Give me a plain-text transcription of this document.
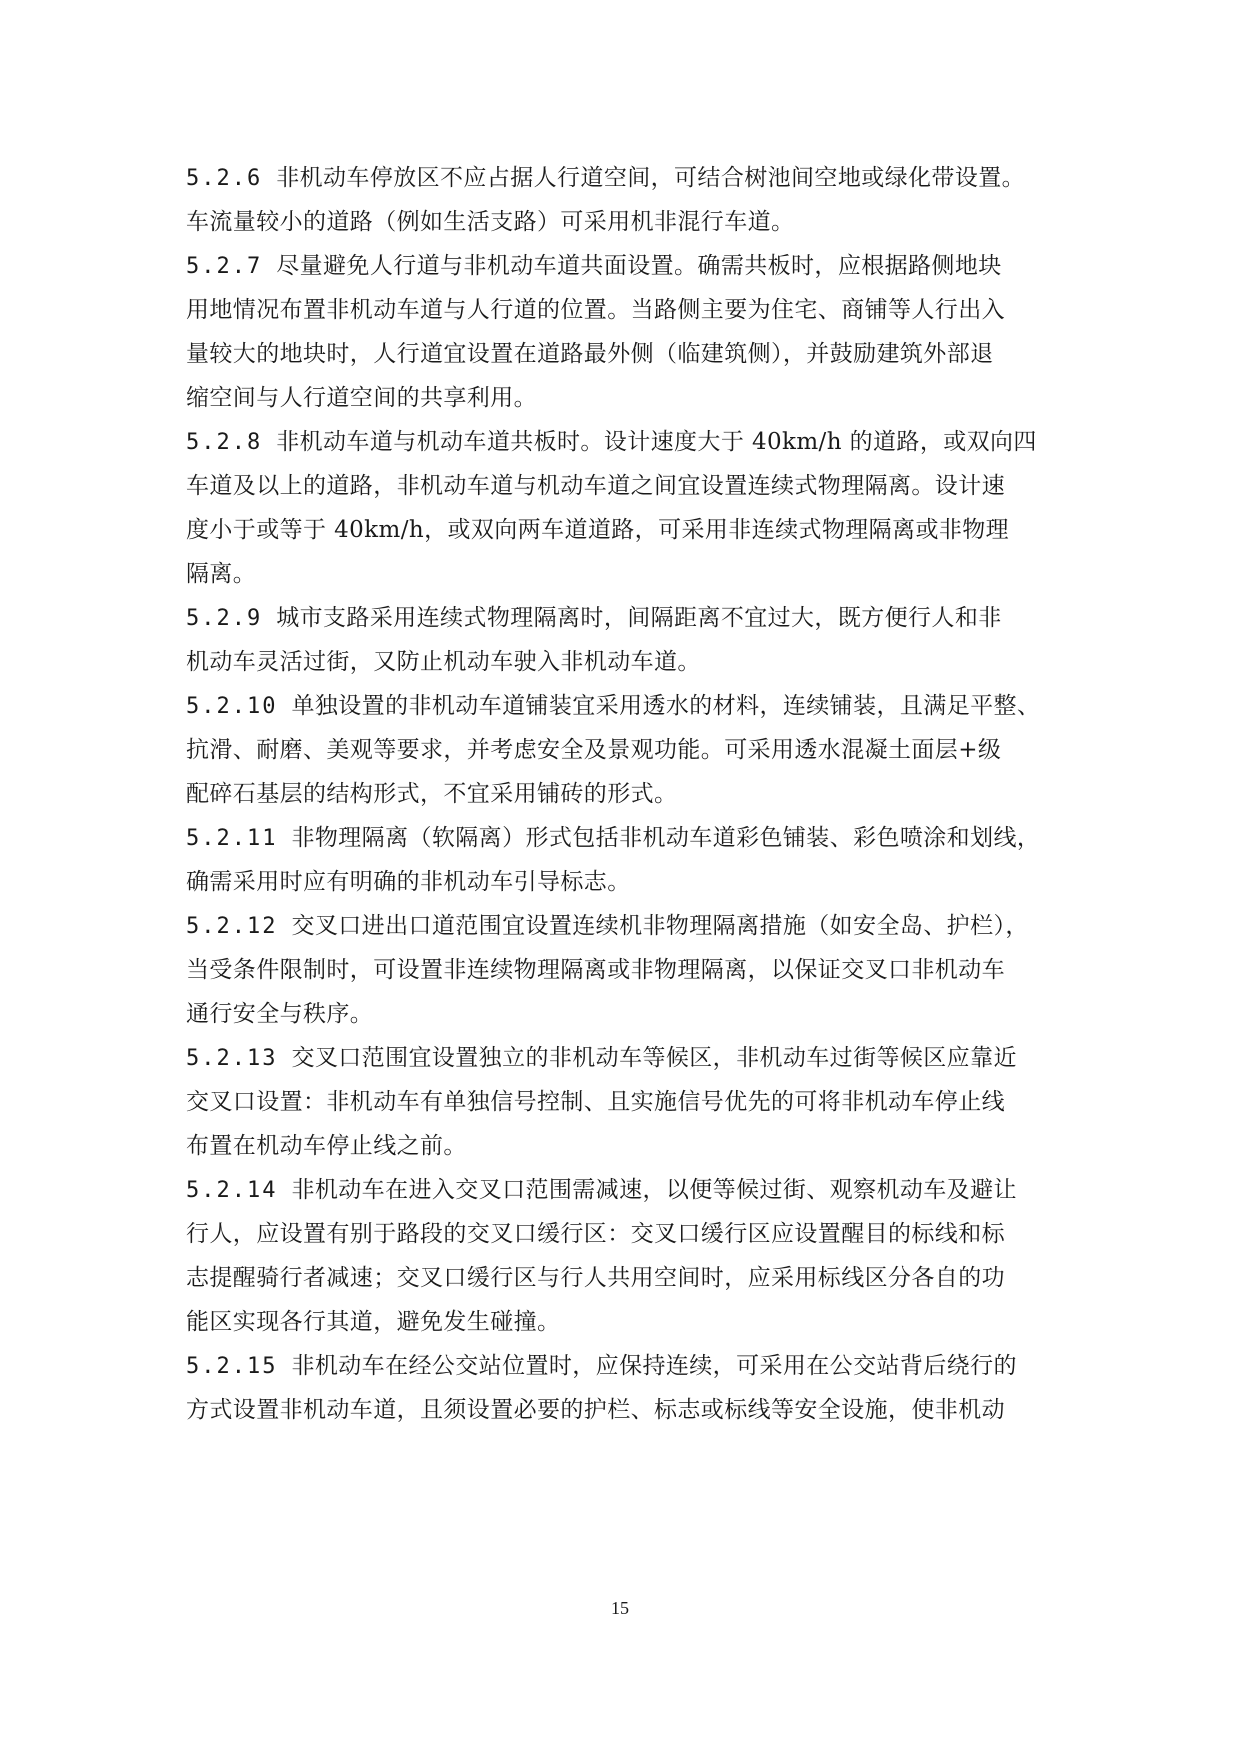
5.2.6 非机动车停放区不应占据人行道空间，可结合树池间空地或绿化带设置。
车流量较小的道路（例如生活支路）可采用机非混行车道。
5.2.7 尽量避免人行道与非机动车道共面设置。确需共板时，应根据路侧地块
用地情况布置非机动车道与人行道的位置。当路侧主要为住宅、商铺等人行出入
量较大的地块时，人行道宜设置在道路最外侧（临建筑侧），并鼓励建筑外部退
缩空间与人行道空间的共享利用。
5.2.8 非机动车道与机动车道共板时。设计速度大于 40km/h 的道路，或双向四
车道及以上的道路，非机动车道与机动车道之间宜设置连续式物理隔离。设计速
度小于或等于 40km/h，或双向两车道道路，可采用非连续式物理隔离或非物理
隔离。
5.2.9 城市支路采用连续式物理隔离时，间隔距离不宜过大，既方便行人和非
机动车灵活过街，又防止机动车驶入非机动车道。
5.2.10 单独设置的非机动车道铺装宜采用透水的材料，连续铺装，且满足平整、
抗滑、耐磨、美观等要求，并考虑安全及景观功能。可采用透水混凝土面层+级
配碎石基层的结构形式，不宜采用铺砖的形式。
5.2.11 非物理隔离（软隔离）形式包括非机动车道彩色铺装、彩色喷涂和划线，
确需采用时应有明确的非机动车引导标志。
5.2.12 交叉口进出口道范围宜设置连续机非物理隔离措施（如安全岛、护栏），
当受条件限制时，可设置非连续物理隔离或非物理隔离，以保证交叉口非机动车
通行安全与秩序。
5.2.13 交叉口范围宜设置独立的非机动车等候区，非机动车过街等候区应靠近
交叉口设置：非机动车有单独信号控制、且实施信号优先的可将非机动车停止线
布置在机动车停止线之前。
5.2.14 非机动车在进入交叉口范围需减速，以便等候过街、观察机动车及避让
行人，应设置有别于路段的交叉口缓行区：交叉口缓行区应设置醒目的标线和标
志提醒骑行者减速；交叉口缓行区与行人共用空间时，应采用标线区分各自的功
能区实现各行其道，避免发生碰撞。
5.2.15 非机动车在经公交站位置时，应保持连续，可采用在公交站背后绕行的
方式设置非机动车道，且须设置必要的护栏、标志或标线等安全设施，使非机动
15
